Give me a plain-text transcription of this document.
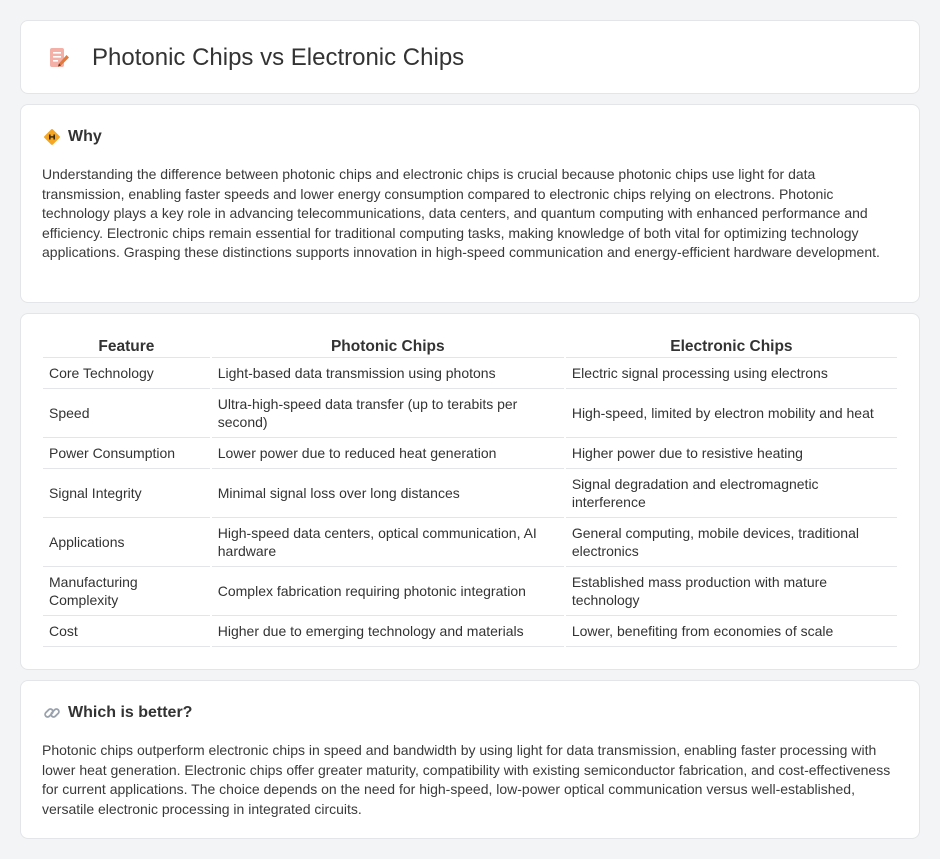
Photonic Chips vs Electronic Chips
Why

Understanding the difference between photonic chips and electronic chips is crucial because photonic chips use light for data transmission, enabling faster speeds and lower energy consumption compared to electronic chips relying on electrons. Photonic technology plays a key role in advancing telecommunications, data centers, and quantum computing with enhanced performance and efficiency. Electronic chips remain essential for traditional computing tasks, making knowledge of both vital for optimizing technology applications. Grasping these distinctions supports innovation in high-speed communication and energy-efficient hardware development.

Feature	Photonic Chips	Electronic Chips
Core Technology	Light-based data transmission using photons	Electric signal processing using electrons
Speed	Ultra-high-speed data transfer (up to terabits per second)	High-speed, limited by electron mobility and heat
Power Consumption	Lower power due to reduced heat generation	Higher power due to resistive heating
Signal Integrity	Minimal signal loss over long distances	Signal degradation and electromagnetic interference
Applications	High-speed data centers, optical communication, AI hardware	General computing, mobile devices, traditional electronics
Manufacturing Complexity	Complex fabrication requiring photonic integration	Established mass production with mature technology
Cost	Higher due to emerging technology and materials	Lower, benefiting from economies of scale
Which is better?

Photonic chips outperform electronic chips in speed and bandwidth by using light for data transmission, enabling faster processing with lower heat generation. Electronic chips offer greater maturity, compatibility with existing semiconductor fabrication, and cost-effectiveness for current applications. The choice depends on the need for high-speed, low-power optical communication versus well-established, versatile electronic processing in integrated circuits.
